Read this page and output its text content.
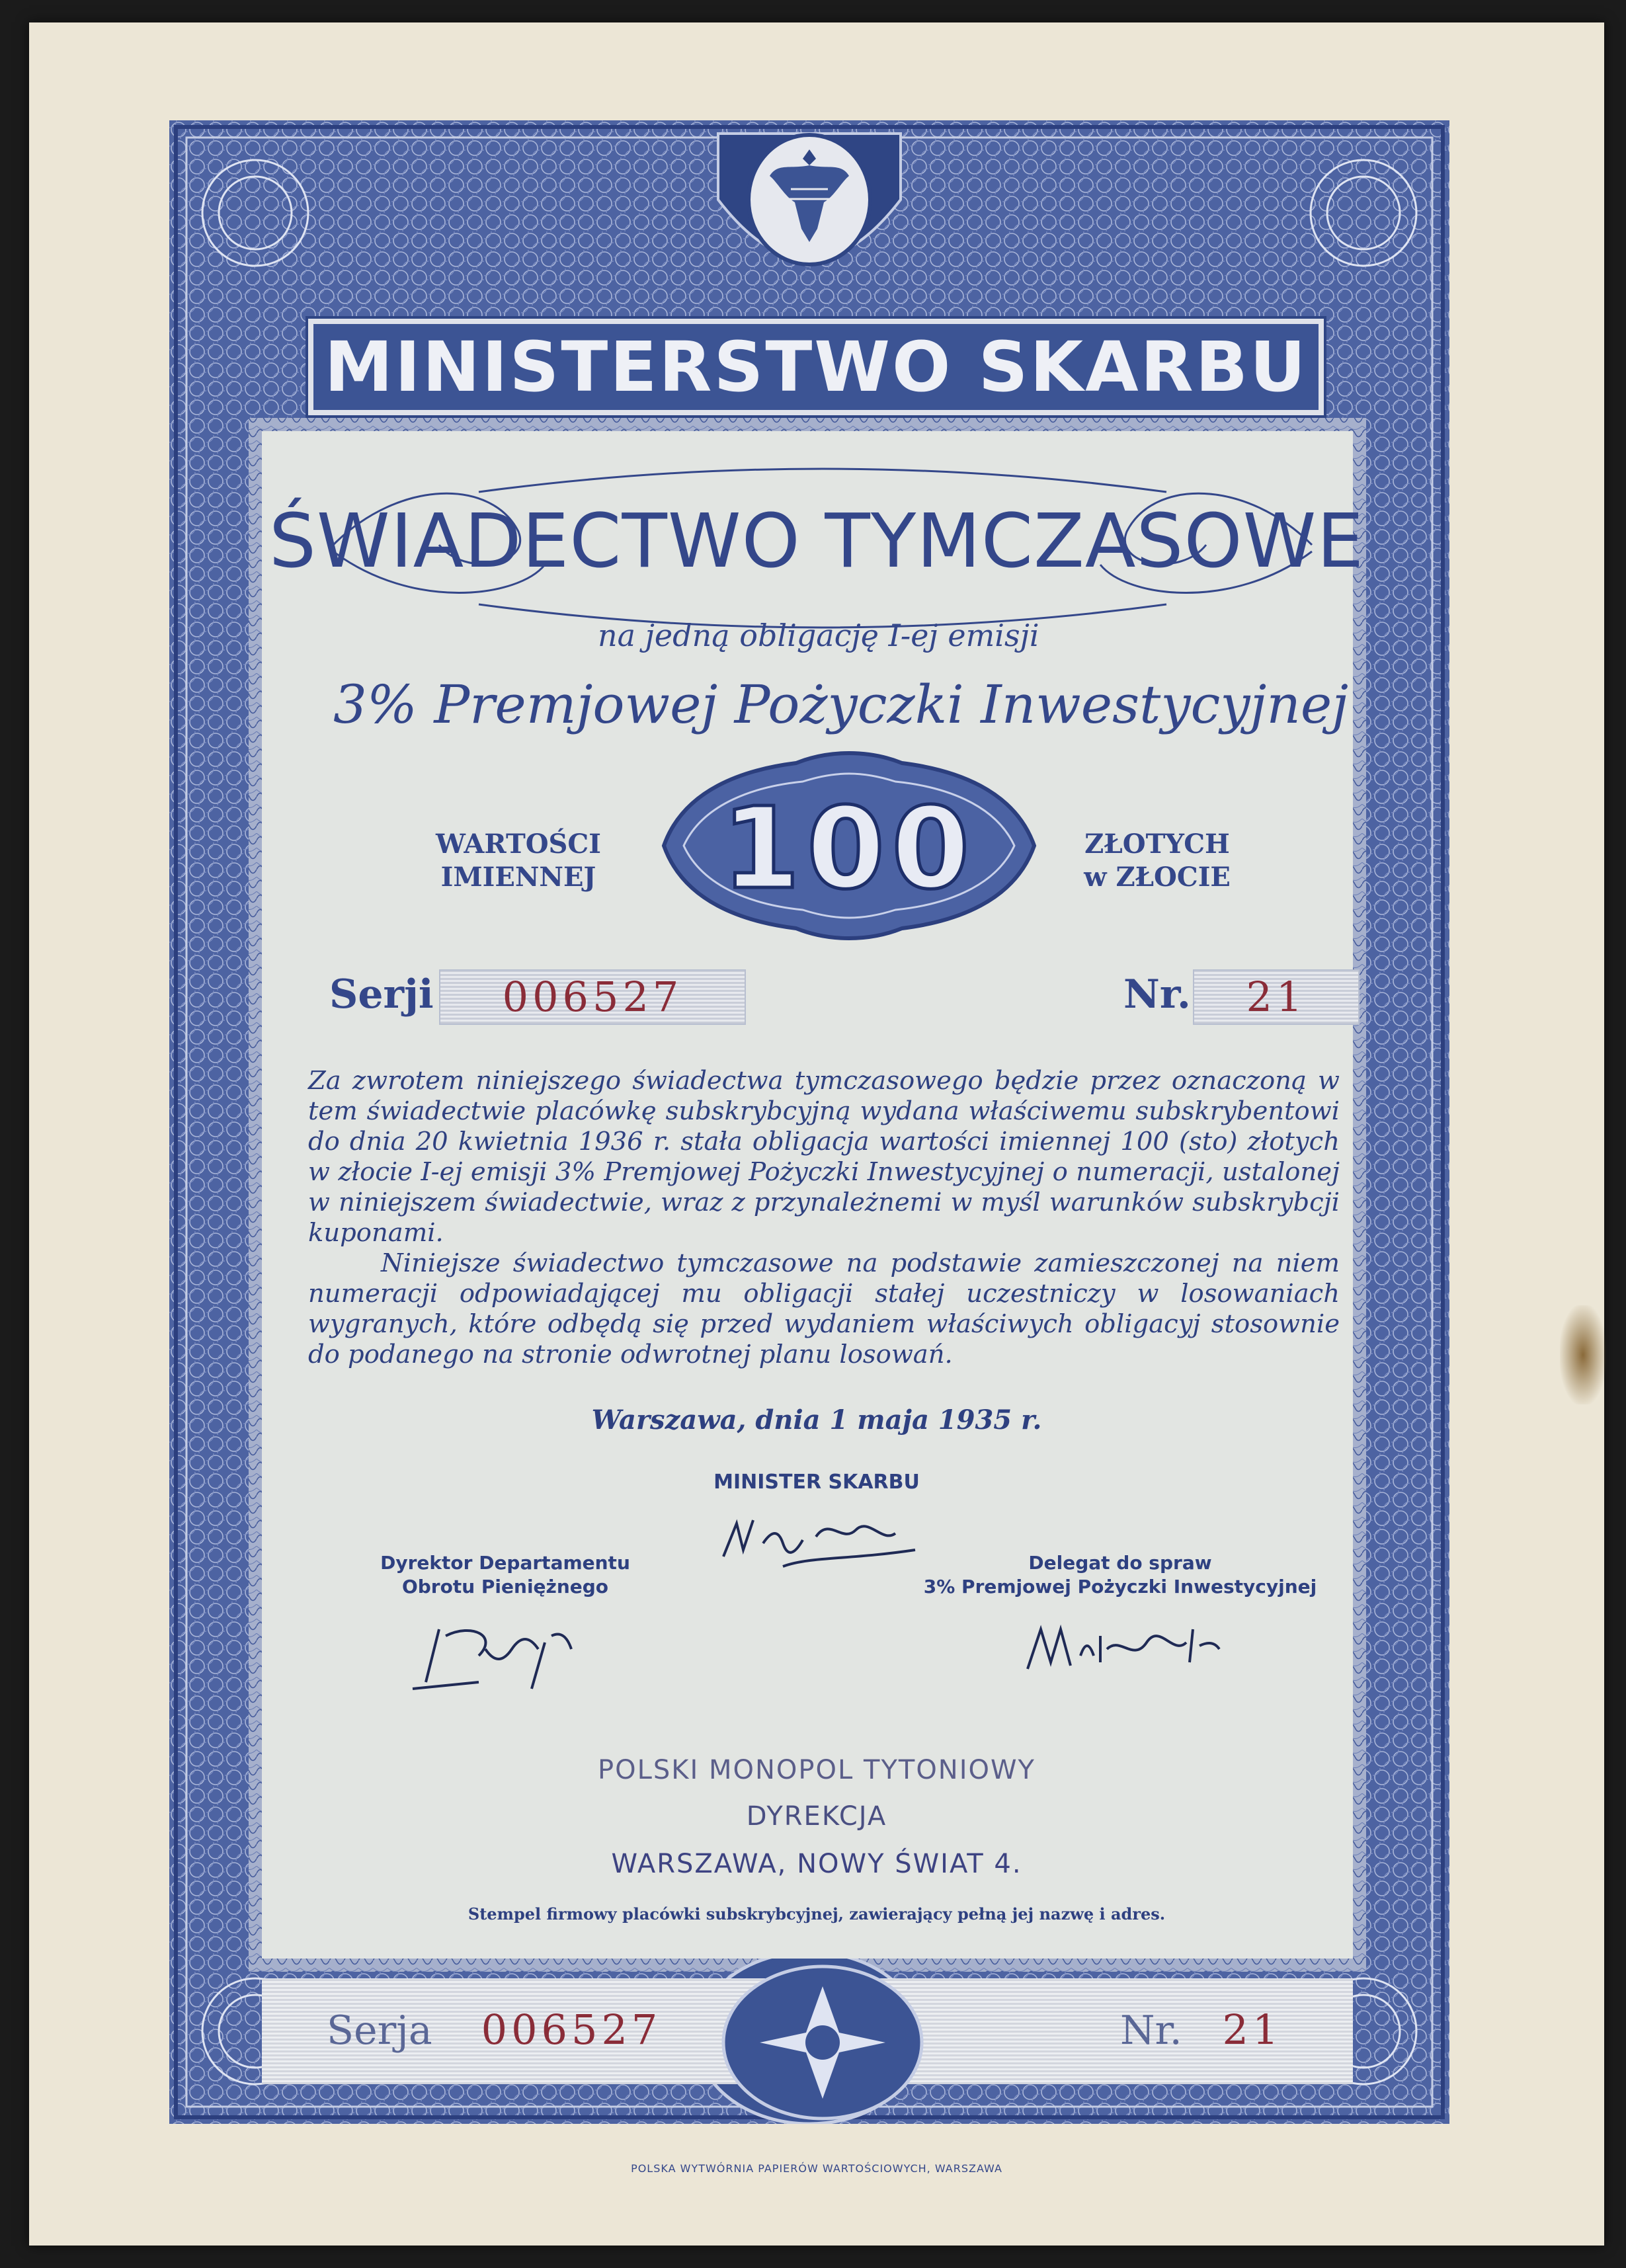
MINISTERSTWO SKARBU
ŚWIADECTWO TYMCZASOWE
na jedną obligację I-ej emisji
3% Premjowej Pożyczki Inwestycyjnej
WARTOŚCI
IMIENNEJ 100	ZŁOTYCH
w ZŁOCIE
Serji	006527	Nr.	21

Za zwrotem niniejszego świadectwa tymczasowego będzie przez oznaczoną w tem świadectwie placówkę subskrybcyjną wydana właściwemu subskrybentowi do dnia 20 kwietnia 1936 r. stała obligacja wartości imiennej 100 (sto) złotych w złocie I-ej emisji 3% Premjowej Pożyczki Inwestycyjnej o numeracji, ustalonej w niniejszem świadectwie, wraz z przynależnemi w myśl warunków subskrybcji kuponami.

Niniejsze świadectwo tymczasowe na podstawie zamieszczonej na niem numeracji odpowiadającej mu obligacji stałej uczestniczy w losowaniach wygranych, które odbędą się przed wydaniem właściwych obligacyj stosownie do podanego na stronie odwrotnej planu losowań.

Warszawa, dnia 1 maja 1935 r.
MINISTER SKARBU
Dyrektor Departamentu
Obrotu Pieniężnego
Delegat do spraw
3% Premjowej Pożyczki Inwestycyjnej
POLSKI MONOPOL TYTONIOWY
DYREKCJA
WARSZAWA, NOWY ŚWIAT 4.
Stempel firmowy placówki subskrybcyjnej, zawierający pełną jej nazwę i adres.
Serja	006527	Nr. 21
POLSKA WYTWÓRNIA PAPIERÓW WARTOŚCIOWYCH, WARSZAWA
